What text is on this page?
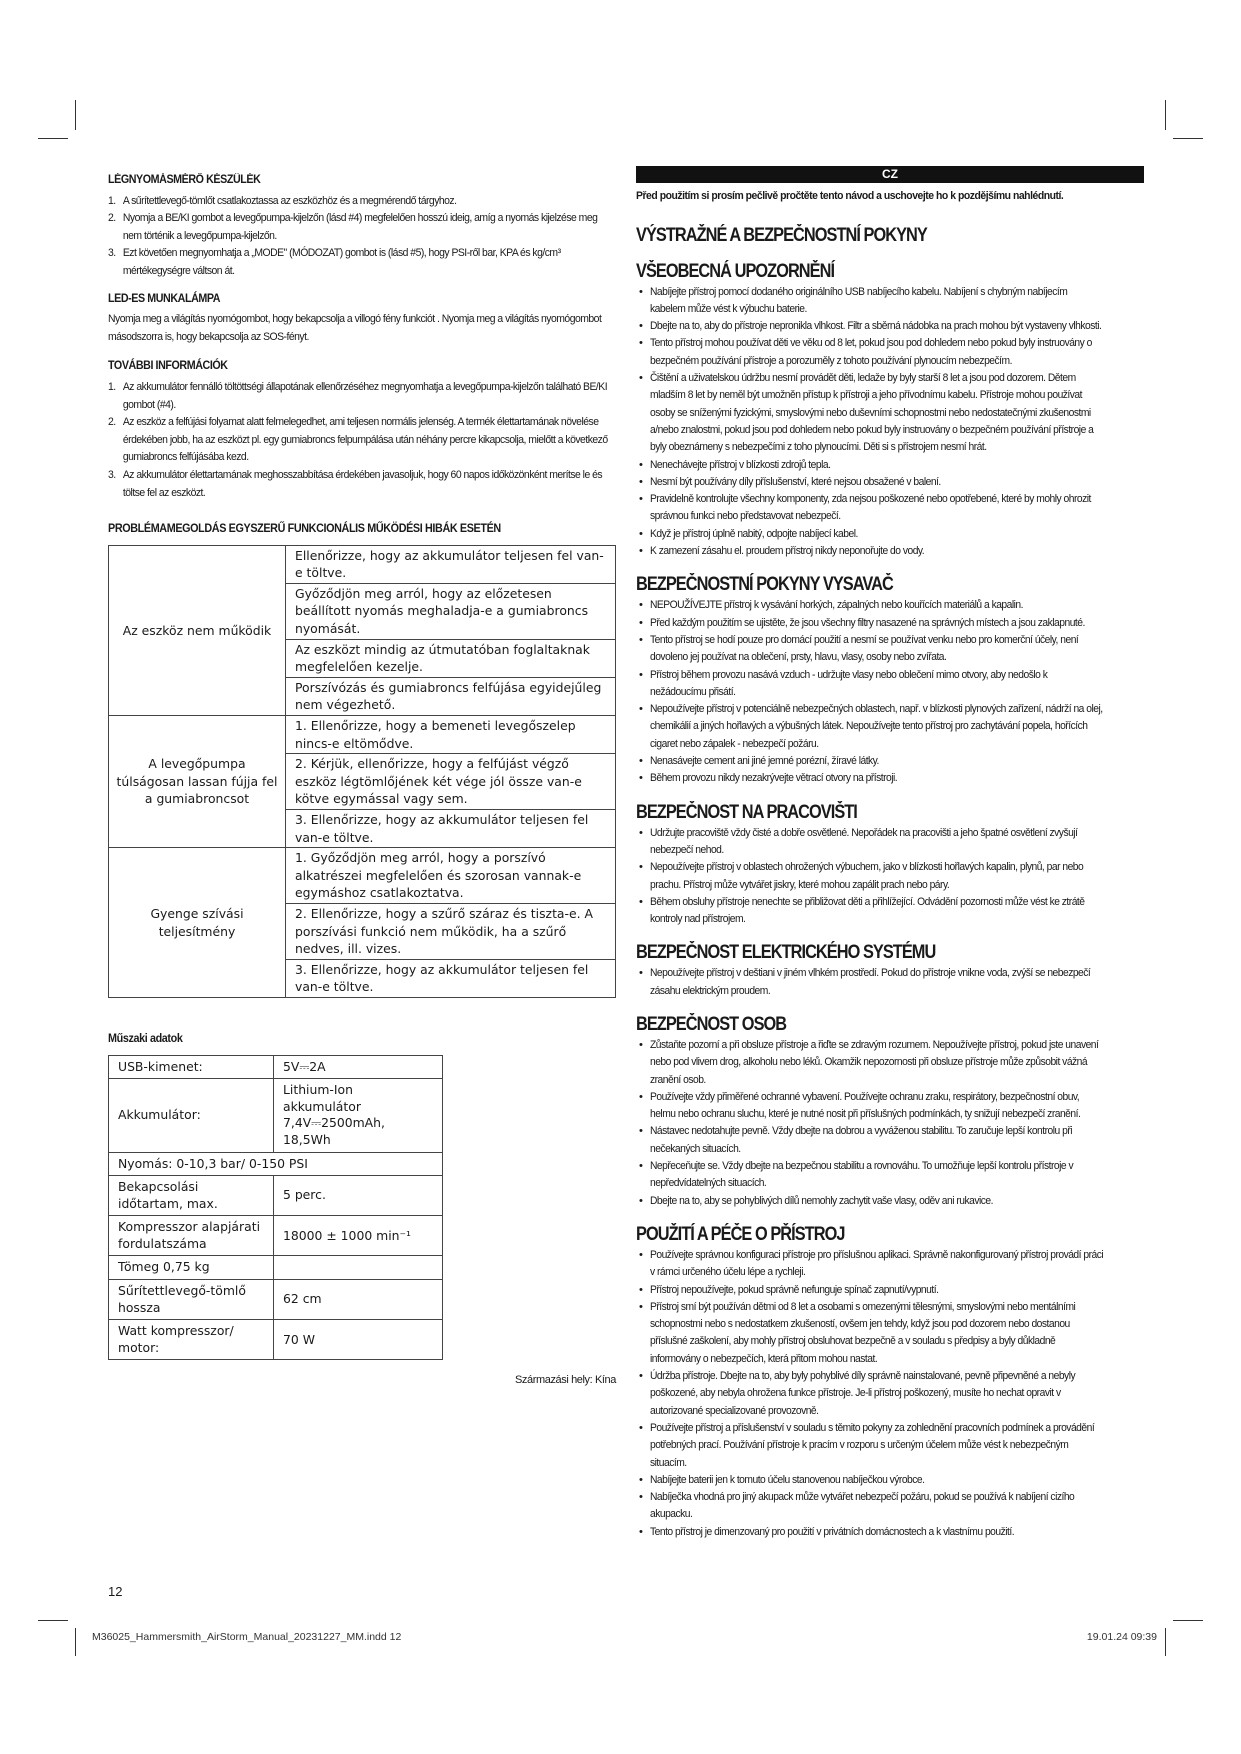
LÉGNYOMÁSMÉRŐ KÉSZÜLÉK
1. A sűrítettlevegő-tömlőt csatlakoztassa az eszközhöz és a megmérendő tárgyhoz.
2. Nyomja a BE/KI gombot a levegőpumpa-kijelzőn (lásd #4) megfelelően hosszú ideig, amíg a nyomás kijelzése meg nem történik a levegőpumpa-kijelzőn.
3. Ezt követően megnyomhatja a „MODE" (MÓDOZAT) gombot is (lásd #5), hogy PSI-ről bar, KPA és kg/cm³ mértékegységre váltson át.
LED-ES MUNKALÁMPA
Nyomja meg a világítás nyomógombot, hogy bekapcsolja a villogó fény funkciót . Nyomja meg a világítás nyomógombot másodszorra is, hogy bekapcsolja az SOS-fényt.
TOVÁBBI INFORMÁCIÓK
1. Az akkumulátor fennálló töltöttségi állapotának ellenőrzéséhez megnyomhatja a levegőpumpa-kijelzőn található BE/KI gombot (#4).
2. Az eszköz a felfújási folyamat alatt felmelegedhet, ami teljesen normális jelenség. A termék élettartamának növelése érdekében jobb, ha az eszközt pl. egy gumiabroncs felpumpálása után néhány percre kikapcsolja, mielőtt a következő gumiabroncs felfújásába kezd.
3. Az akkumulátor élettartamának meghosszabbítása érdekében javasoljuk, hogy 60 napos időközönként merítse le és töltse fel az eszközt.
PROBLÉMAMEGOLDÁS EGYSZERŰ FUNKCIONÁLIS MŰKÖDÉSI HIBÁK ESETÉN
Az eszköz nem működik	Ellenőrizze, hogy az akkumulátor teljesen fel van-e töltve.
	Győződjön meg arról, hogy az előzetesen beállított nyomás meghaladja-e a gumiabroncs nyomását.
	Az eszközt mindig az útmutatóban foglaltaknak megfelelően kezelje.
	Porszívózás és gumiabroncs felfújása egyidejűleg nem végezhető.
A levegőpumpa túlságosan lassan fújja fel a gumiabroncsot	1. Ellenőrizze, hogy a bemeneti levegőszelep nincs-e eltömődve.
	2. Kérjük, ellenőrizze, hogy a felfújást végző eszköz légtömlőjének két vége jól össze van-e kötve egymással vagy sem.
	3. Ellenőrizze, hogy az akkumulátor teljesen fel van-e töltve.
Gyenge szívási teljesítmény	1. Győződjön meg arról, hogy a porszívó alkatrészei megfelelően és szorosan vannak-e egymáshoz csatlakoztatva.
	2. Ellenőrizze, hogy a szűrő száraz és tiszta-e. A porszívási funkció nem működik, ha a szűrő nedves, ill. vizes.
	3. Ellenőrizze, hogy az akkumulátor teljesen fel van-e töltve.
Műszaki adatok
USB-kimenet:	5V⎓2A
Akkumulátor:	Lithium-Ion akkumulátor 7,4V⎓2500mAh, 18,5Wh
Nyomás: 0-10,3 bar/ 0-150 PSI	
Bekapcsolási időtartam, max.	5 perc.
Kompresszor alapjárati fordulatszáma	18000 ± 1000 min⁻¹
Tömeg 0,75 kg	
Sűrítettlevegő-tömlő hossza	62 cm
Watt kompresszor/ motor:	70 W
Származási hely: Kína
CZ
Před použitím si prosím pečlivě pročtěte tento návod a uschovejte ho k pozdějšímu nahlédnutí.
VÝSTRAŽNÉ A BEZPEČNOSTNÍ POKYNY
VŠEOBECNÁ UPOZORNĚNÍ
• Nabíjejte přístroj pomocí dodaného originálního USB nabíjecího kabelu. Nabíjení s chybným nabíjecím kabelem může vést k výbuchu baterie.
• Dbejte na to, aby do přístroje nepronikla vlhkost. Filtr a sběrná nádobka na prach mohou být vystaveny vlhkosti.
• Tento přístroj mohou používat děti ve věku od 8 let, pokud jsou pod dohledem nebo pokud byly instruovány o bezpečném používání přístroje a porozuměly z tohoto používání plynoucím nebezpečím.
• Čištění a uživatelskou údržbu nesmí provádět děti, ledaže by byly starší 8 let a jsou pod dozorem. Dětem mladším 8 let by neměl být umožněn přístup k přístroji a jeho přívodnímu kabelu. Přístroje mohou používat osoby se sníženými fyzickými, smyslovými nebo duševními schopnostmi nebo nedostatečnými zkušenostmi a/nebo znalostmi, pokud jsou pod dohledem nebo pokud byly instruovány o bezpečném používání přístroje a byly obeznámeny s nebezpečími z toho plynoucími. Děti si s přístrojem nesmí hrát.
• Nenechávejte přístroj v blízkosti zdrojů tepla.
• Nesmí být používány díly příslušenství, které nejsou obsažené v balení.
• Pravidelně kontrolujte všechny komponenty, zda nejsou poškozené nebo opotřebené, které by mohly ohrozit správnou funkci nebo představovat nebezpečí.
• Když je přístroj úplně nabitý, odpojte nabíjecí kabel.
• K zamezení zásahu el. proudem přístroj nikdy neponořujte do vody.
BEZPEČNOSTNÍ POKYNY VYSAVAČ
• NEPOUŽÍVEJTE přístroj k vysávání horkých, zápalných nebo kouřících materiálů a kapalin.
• Před každým použitím se ujistěte, že jsou všechny filtry nasazené na správných místech a jsou zaklapnuté.
• Tento přístroj se hodí pouze pro domácí použití a nesmí se používat venku nebo pro komerční účely, není dovoleno jej používat na oblečení, prsty, hlavu, vlasy, osoby nebo zvířata.
• Přístroj během provozu nasává vzduch - udržujte vlasy nebo oblečení mimo otvory, aby nedošlo k nežádoucímu přisátí.
• Nepoužívejte přístroj v potenciálně nebezpečných oblastech, např. v blízkosti plynových zařízení, nádrží na olej, chemikálií a jiných hořlavých a výbušných látek. Nepoužívejte tento přístroj pro zachytávání popela, hořících cigaret nebo zápalek - nebezpečí požáru.
• Nenasávejte cement ani jiné jemné porézní, žíravé látky.
• Během provozu nikdy nezakrývejte větrací otvory na přístroji.
BEZPEČNOST NA PRACOVIŠTI
• Udržujte pracoviště vždy čisté a dobře osvětlené. Nepořádek na pracovišti a jeho špatné osvětlení zvyšují nebezpečí nehod.
• Nepoužívejte přístroj v oblastech ohrožených výbuchem, jako v blízkosti hořlavých kapalin, plynů, par nebo prachu. Přístroj může vytvářet jiskry, které mohou zapálit prach nebo páry.
• Během obsluhy přístroje nenechte se přibližovat děti a přihlížející. Odvádění pozornosti může vést ke ztrátě kontroly nad přístrojem.
BEZPEČNOST ELEKTRICKÉHO SYSTÉMU
• Nepoužívejte přístroj v deštiani v jiném vlhkém prostředí. Pokud do přístroje vnikne voda, zvýší se nebezpečí zásahu elektrickým proudem.
BEZPEČNOST OSOB
• Zůstaňte pozorní a při obsluze přístroje a řiďte se zdravým rozumem. Nepoužívejte přístroj, pokud jste unavení nebo pod vlivem drog, alkoholu nebo léků. Okamžik nepozornosti při obsluze přístroje může způsobit vážná zranění osob.
• Používejte vždy přiměřené ochranné vybavení. Používejte ochranu zraku, respirátory, bezpečnostní obuv, helmu nebo ochranu sluchu, které je nutné nosit při příslušných podmínkách, ty snižují nebezpečí zranění.
• Nástavec nedotahujte pevně. Vždy dbejte na dobrou a vyváženou stabilitu. To zaručuje lepší kontrolu při nečekaných situacích.
• Nepřeceňujte se. Vždy dbejte na bezpečnou stabilitu a rovnováhu. To umožňuje lepší kontrolu přístroje v nepředvídatelných situacích.
• Dbejte na to, aby se pohyblivých dílů nemohly zachytit vaše vlasy, oděv ani rukavice.
POUŽITÍ A PÉČE O PŘÍSTROJ
• Používejte správnou konfiguraci přístroje pro příslušnou aplikaci. Správně nakonfigurovaný přístroj provádí práci v rámci určeného účelu lépe a rychleji.
• Přístroj nepoužívejte, pokud správně nefunguje spínač zapnutí/vypnutí.
• Přístroj smí být používán dětmi od 8 let a osobami s omezenými tělesnými, smyslovými nebo mentálními schopnostmi nebo s nedostatkem zkušeností, ovšem jen tehdy, když jsou pod dozorem nebo dostanou příslušné zaškolení, aby mohly přístroj obsluhovat bezpečně a v souladu s předpisy a byly důkladně informovány o nebezpečích, která přitom mohou nastat.
• Údržba přístroje. Dbejte na to, aby byly pohyblivé díly správně nainstalované, pevně připevněné a nebyly poškozené, aby nebyla ohrožena funkce přístroje. Je-li přístroj poškozený, musíte ho nechat opravit v autorizované specializované provozovně.
• Používejte přístroj a příslušenství v souladu s těmito pokyny za zohlednění pracovních podmínek a provádění potřebných prací. Používání přístroje k pracím v rozporu s určeným účelem může vést k nebezpečným situacím.
• Nabíjejte baterii jen k tomuto účelu stanovenou nabíječkou výrobce.
• Nabíječka vhodná pro jiný akupack může vytvářet nebezpečí požáru, pokud se používá k nabíjení cizího akupacku.
• Tento přístroj je dimenzovaný pro použití v privátních domácnostech a k vlastnímu použití.
12
M36025_Hammersmith_AirStorm_Manual_20231227_MM.indd 12	19.01.24 09:39
